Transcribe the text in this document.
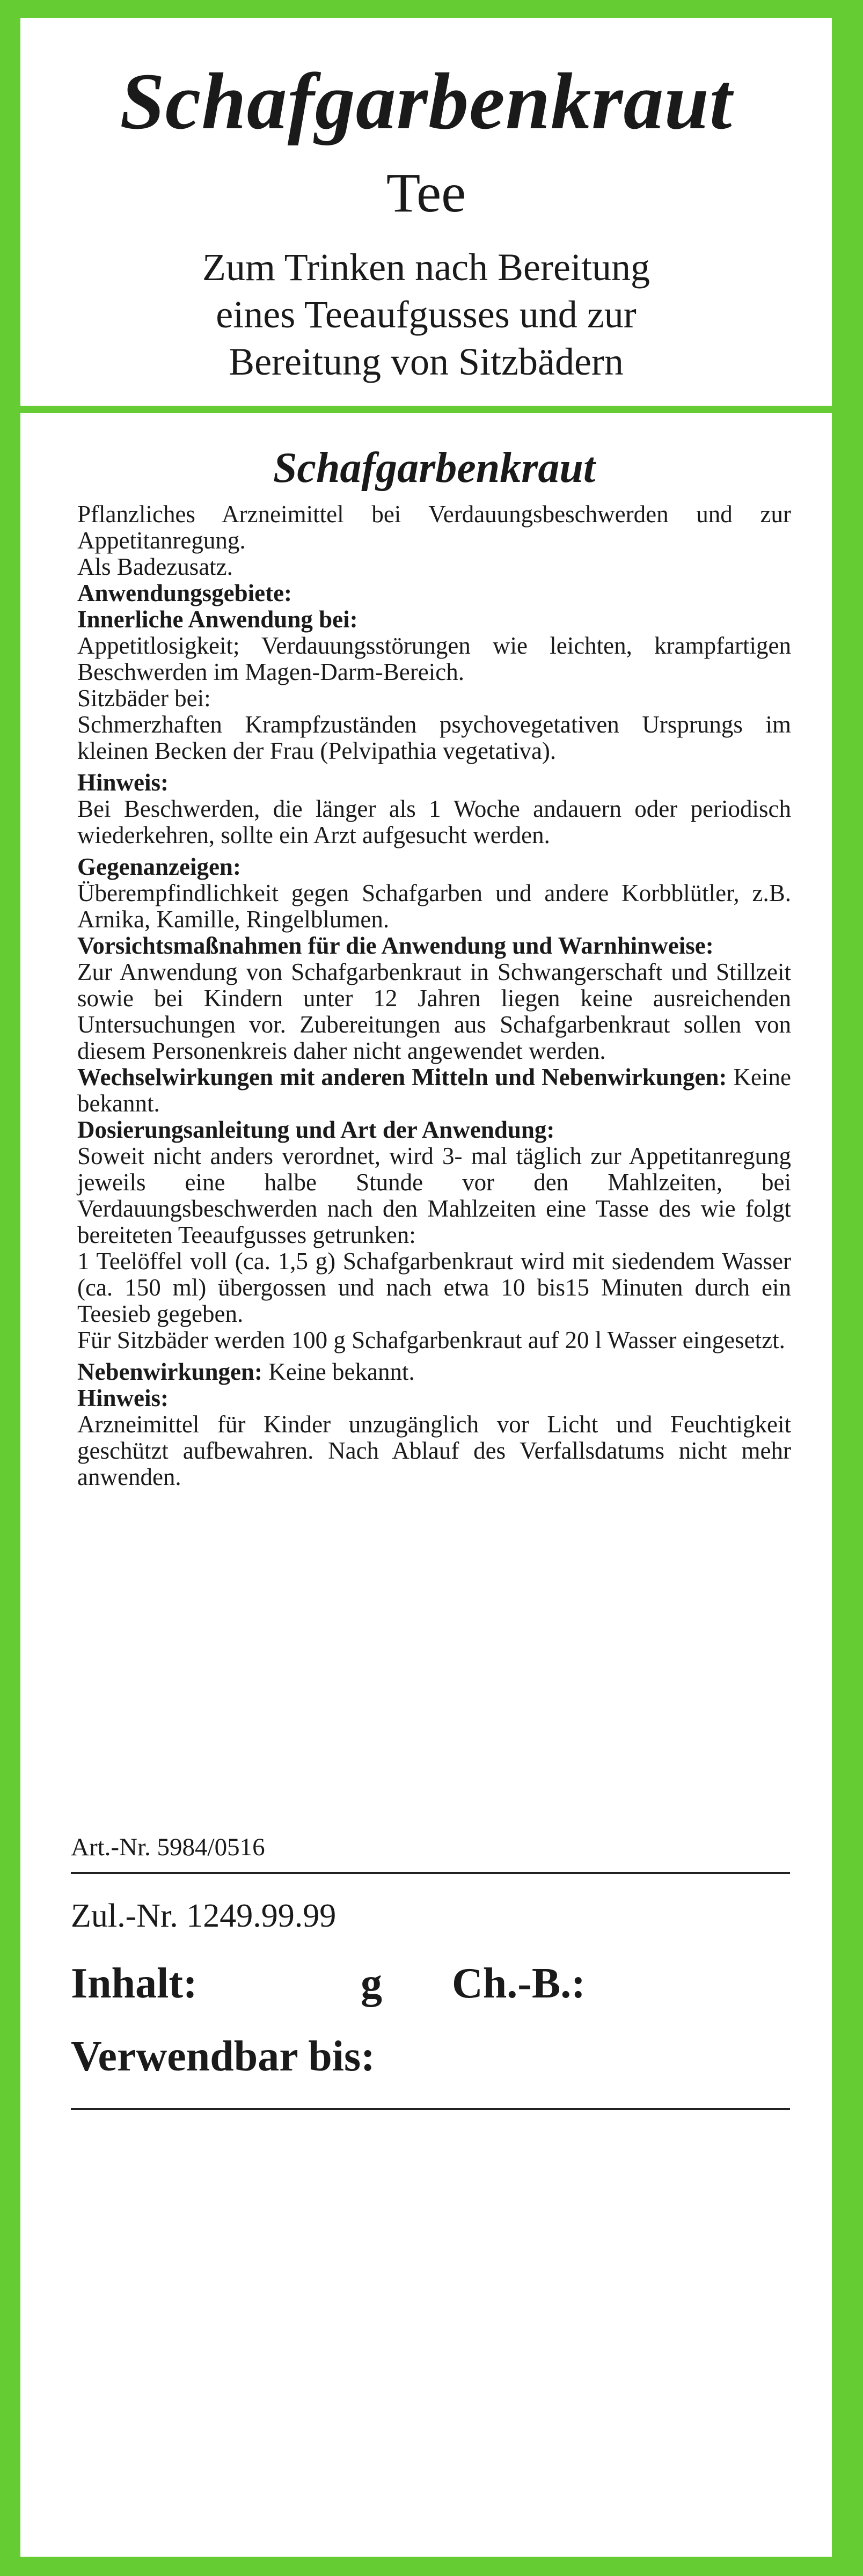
Schafgarbenkraut
Tee
Zum Trinken nach Bereitung
eines Teeaufgusses und zur
Bereitung von Sitzbädern
Schafgarbenkraut
Pflanzliches Arzneimittel bei Verdauungsbeschwerden und zur Appetitanregung.
Als Badezusatz.
Anwendungsgebiete:
Innerliche Anwendung bei:
Appetitlosigkeit; Verdauungsstörungen wie leichten, krampfartigen Beschwerden im Magen-Darm-Bereich.
Sitzbäder bei:
Schmerzhaften Krampfzuständen psychovegetativen Ursprungs im kleinen Becken der Frau (Pelvipathia vegetativa).
Hinweis:
Bei Beschwerden, die länger als 1 Woche andauern oder periodisch wiederkehren, sollte ein Arzt aufgesucht werden.
Gegenanzeigen:
Überempfindlichkeit gegen Schafgarben und andere Korbblütler, z.B. Arnika, Kamille, Ringelblumen.
Vorsichtsmaßnahmen für die Anwendung und Warnhinweise:
Zur Anwendung von Schafgarbenkraut in Schwangerschaft und Stillzeit sowie bei Kindern unter 12 Jahren liegen keine ausreichenden Untersuchungen vor. Zubereitungen aus Schafgarbenkraut sollen von diesem Personenkreis daher nicht angewendet werden.
Wechselwirkungen mit anderen Mitteln und Nebenwirkungen: Keine bekannt.
Dosierungsanleitung und Art der Anwendung:
Soweit nicht anders verordnet, wird 3- mal täglich zur Appetitanregung jeweils eine halbe Stunde vor den Mahlzeiten, bei Verdauungsbeschwerden nach den Mahlzeiten eine Tasse des wie folgt bereiteten Teeaufgusses getrunken:
1 Teelöffel voll (ca. 1,5 g) Schafgarbenkraut wird mit siedendem Wasser (ca. 150 ml) übergossen und nach etwa 10 bis15 Minuten durch ein Teesieb gegeben.
Für Sitzbäder werden 100 g Schafgarbenkraut auf 20 l Wasser eingesetzt.
Nebenwirkungen: Keine bekannt.
Hinweis:
Arzneimittel für Kinder unzugänglich vor Licht und Feuchtigkeit geschützt aufbewahren. Nach Ablauf des Verfallsdatums nicht mehr anwenden.
Art.-Nr. 5984/0516
Zul.-Nr. 1249.99.99
Inhalt:	g Ch.-B.:
Verwendbar bis:
